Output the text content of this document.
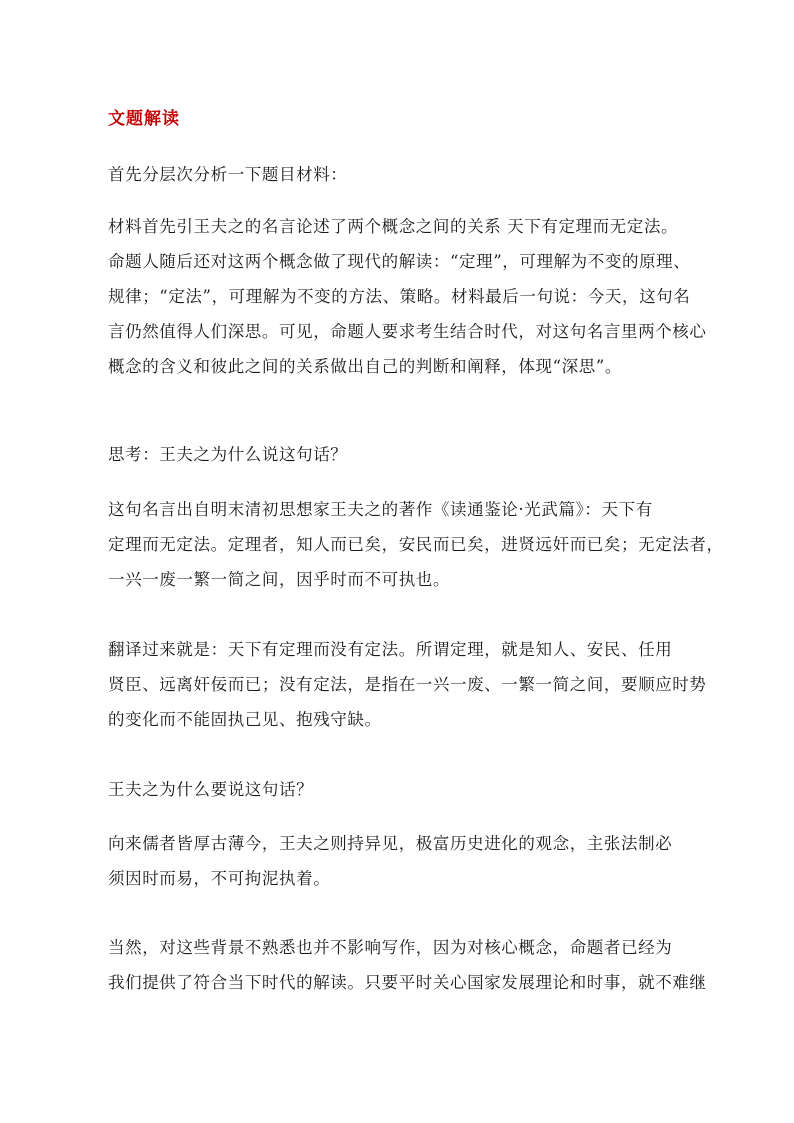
文题解读
首先分层次分析一下题目材料：
材料首先引王夫之的名言论述了两个概念之间的关系 天下有定理而无定法。
命题人随后还对这两个概念做了现代的解读：“定理”，可理解为不变的原理、
规律；“定法”，可理解为不变的方法、策略。材料最后一句说：今天，这句名
言仍然值得人们深思。可见，命题人要求考生结合时代，对这句名言里两个核心
概念的含义和彼此之间的关系做出自己的判断和阐释，体现“深思”。
思考：王夫之为什么说这句话？
这句名言出自明末清初思想家王夫之的著作《读通鉴论·光武篇》：天下有
定理而无定法。定理者，知人而已矣，安民而已矣，进贤远奸而已矣；无定法者，
一兴一废一繁一简之间，因乎时而不可执也。
翻译过来就是：天下有定理而没有定法。所谓定理，就是知人、安民、任用
贤臣、远离奸佞而已；没有定法，是指在一兴一废、一繁一简之间，要顺应时势
的变化而不能固执己见、抱残守缺。
王夫之为什么要说这句话？
向来儒者皆厚古薄今，王夫之则持异见，极富历史进化的观念，主张法制必
须因时而易，不可拘泥执着。
当然，对这些背景不熟悉也并不影响写作，因为对核心概念，命题者已经为
我们提供了符合当下时代的解读。只要平时关心国家发展理论和时事，就不难继
